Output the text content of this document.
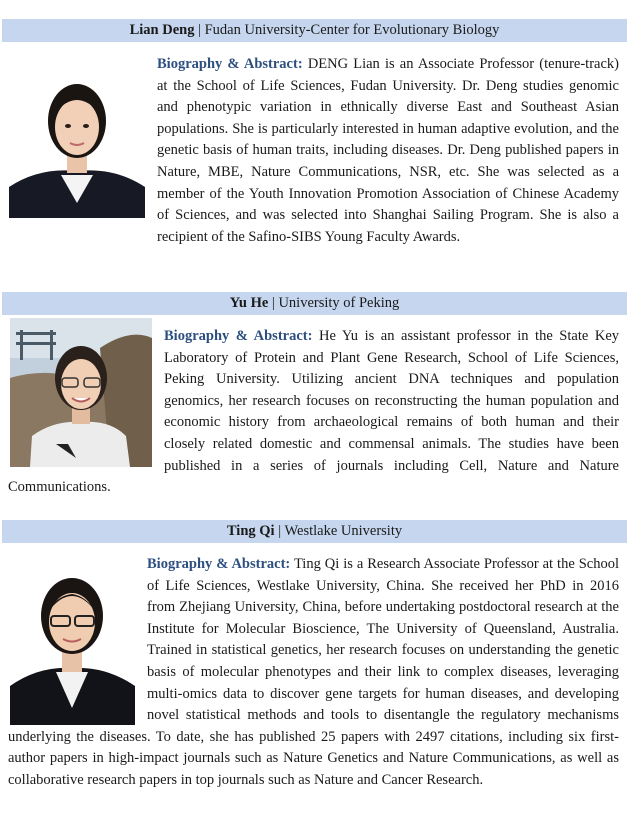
Lian Deng | Fudan University-Center for Evolutionary Biology

Biography & Abstract: DENG Lian is an Associate Professor (tenure-track) at the School of Life Sciences, Fudan University. Dr. Deng studies genomic and phenotypic variation in ethnically diverse East and Southeast Asian populations. She is particularly interested in human adaptive evolution, and the genetic basis of human traits, including diseases. Dr. Deng published papers in Nature, MBE, Nature Communications, NSR, etc. She was selected as a member of the Youth Innovation Promotion Association of Chinese Academy of Sciences, and was selected into Shanghai Sailing Program. She is also a recipient of the Safino-SIBS Young Faculty Awards.

Yu He | University of Peking

Biography & Abstract: He Yu is an assistant professor in the State Key Laboratory of Protein and Plant Gene Research, School of Life Sciences, Peking University. Utilizing ancient DNA techniques and population genomics, her research focuses on reconstructing the human population and economic history from archaeological remains of both human and their closely related domestic and commensal animals. The studies have been published in a series of journals including Cell, Nature and Nature Communications.

Ting Qi | Westlake University

Biography & Abstract: Ting Qi is a Research Associate Professor at the School of Life Sciences, Westlake University, China. She received her PhD in 2016 from Zhejiang University, China, before undertaking postdoctoral research at the Institute for Molecular Bioscience, The University of Queensland, Australia. Trained in statistical genetics, her research focuses on understanding the genetic basis of molecular phenotypes and their link to complex diseases, leveraging multi-omics data to discover gene targets for human diseases, and developing novel statistical methods and tools to disentangle the regulatory mechanisms underlying the diseases. To date, she has published 25 papers with 2497 citations, including six first-author papers in high-impact journals such as Nature Genetics and Nature Communications, as well as collaborative research papers in top journals such as Nature and Cancer Research.
